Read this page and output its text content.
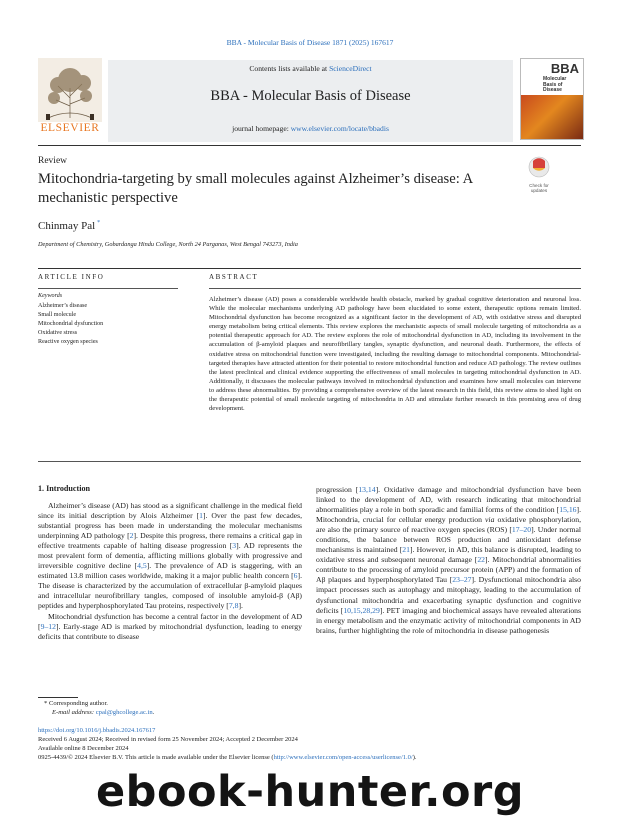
BBA - Molecular Basis of Disease 1871 (2025) 167617
ELSEVIER
Contents lists available at ScienceDirect
BBA - Molecular Basis of Disease
journal homepage: www.elsevier.com/locate/bbadis
BBA
Molecular Basis of Disease
Review
Mitochondria-targeting by small molecules against Alzheimer’s disease: A mechanistic perspective
Check for
updates
Chinmay Pal *
Department of Chemistry, Gobardanga Hindu College, North 24 Parganas, West Bengal 743273, India
ARTICLE INFO	ABSTRACT
Keywords
Alzheimer’s disease
Small molecule
Mitochondrial dysfunction
Oxidative stress
Reactive oxygen species
Alzheimer’s disease (AD) poses a considerable worldwide health obstacle, marked by gradual cognitive deterioration and neuronal loss. While the molecular mechanisms underlying AD pathology have been elucidated to some extent, therapeutic options remain limited. Mitochondrial dysfunction has become recognized as a significant factor in the development of AD, with oxidative stress and disrupted energy metabolism being critical elements. This review explores the mechanistic aspects of small molecule targeting of mitochondria as a potential therapeutic approach for AD. The review explores the role of mitochondrial dysfunction in AD, including its involvement in the accumulation of β-amyloid plaques and neurofibrillary tangles, synaptic dysfunction, and neuronal death. Furthermore, the effects of oxidative stress on mitochondrial function were investigated, including the resulting damage to mitochondrial components. Mitochondrial-targeted therapies have attracted attention for their potential to restore mitochondrial function and reduce AD pathology. The review outlines the latest preclinical and clinical evidence supporting the effectiveness of small molecules in targeting mitochondrial dysfunction in AD. Additionally, it discusses the molecular pathways involved in mitochondrial dysfunction and examines how small molecules can intervene to address these abnormalities. By providing a comprehensive overview of the latest research in this field, this review aims to shed light on the therapeutic potential of small molecule targeting of mitochondria in AD and stimulate further research in this promising area of drug development.
1. Introduction

Alzheimer’s disease (AD) has stood as a significant challenge in the medical field since its initial description by Alois Alzheimer [1]. Over the past few decades, substantial progress has been made in understanding the molecular mechanisms underpinning AD pathology [2]. Despite this progress, there remains a critical gap in effective treatments capable of halting disease progression [3]. AD represents the most prevalent form of dementia, afflicting millions globally with progressive and irreversible cognitive decline [4,5]. The prevalence of AD is staggering, with an estimated 13.8 million cases worldwide, making it a major public health concern [6]. The disease is characterized by the accumulation of extracellular β-amyloid plaques and intracellular neurofibrillary tangles, composed of insoluble amyloid-β (Aβ) peptides and hyperphosphorylated Tau proteins, respectively [7,8].

Mitochondrial dysfunction has become a central factor in the development of AD [9–12]. Early-stage AD is marked by mitochondrial dysfunction, leading to energy deficits that contribute to disease

progression [13,14]. Oxidative damage and mitochondrial dysfunction have been linked to the development of AD, with research indicating that mitochondrial abnormalities play a role in both sporadic and familial forms of the condition [15,16]. Mitochondria, crucial for cellular energy production via oxidative phosphorylation, are also the primary source of reactive oxygen species (ROS) [17–20]. Under normal conditions, the balance between ROS production and antioxidant defense mechanisms is maintained [21]. However, in AD, this balance is disrupted, leading to oxidative stress and subsequent neuronal damage [22]. Mitochondrial abnormalities contribute to the processing of amyloid precursor protein (APP) and the formation of Aβ plaques and hyperphosphorylated Tau [23–27]. Dysfunctional mitochondria also impact processes such as autophagy and mitophagy, leading to the accumulation of dysfunctional mitochondria and exacerbating synaptic dysfunction and cognitive deficits [10,15,28,29]. PET imaging and biochemical assays have revealed alterations in energy metabolism and the enzymatic activity of mitochondrial components in AD brains, further highlighting the role of mitochondria in disease pathogenesis

* Corresponding author.
E-mail address: cpal@ghcollege.ac.in.
https://doi.org/10.1016/j.bbadis.2024.167617
Received 6 August 2024; Received in revised form 25 November 2024; Accepted 2 December 2024
Available online 8 December 2024
0925-4439/© 2024 Elsevier B.V. This article is made available under the Elsevier license (http://www.elsevier.com/open-access/userlicense/1.0/).
ebook-hunter.org
